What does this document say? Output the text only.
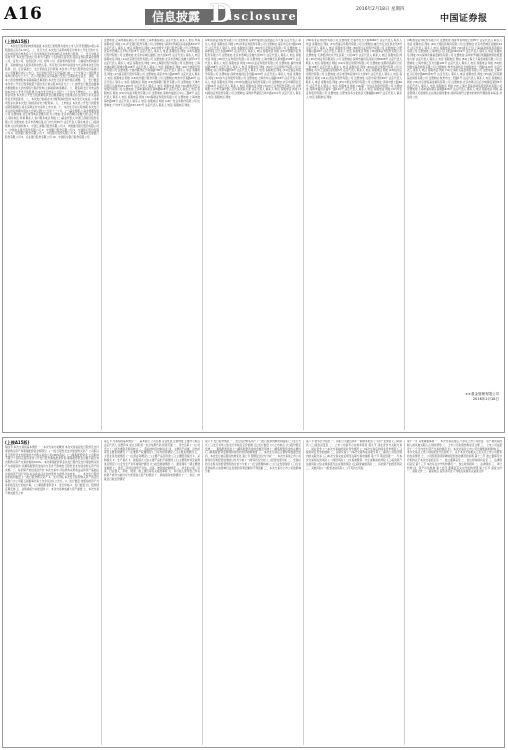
A16	信息披露 D
isclosure
2016年2月18日 星期四
中国证券报

(上接A15版)

一、本次发行股票的种类和面值 本次发行的股票为境内上市人民币普通股(A股),每股面值人民币1.00元。二、发行方式 本次发行采用向特定对象非公开发行的方式,在中国证监会核准后六个月内选择适当时机向特定对象发行股票。三、发行对象及认购方式 本次发行的发行对象为不超过十名的特定投资者,包括证券投资基金管理公司、证券公司、信托投资公司、财务公司、保险机构投资者、合格境外机构投资者、其他境内法人投资者和自然人等。所有发行对象均以现金方式认购本次发行的股票。四、定价基准日、发行价格及定价原则 本次非公开发行股票的定价基准日为公司董事会决议公告日。发行价格不低于定价基准日前二十个交易日公司股票交易均价的百分之九十。若公司股票在定价基准日至发行日期间发生派息、送股、资本公积金转增股本等除权除息事项的,本次发行底价将作相应调整。五、发行数量 本次非公开发行股票数量不超过发行前总股本的百分之二十,最终发行数量由董事会根据股东大会的授权与保荐机构(主承销商)协商确定。六、限售期 发行对象认购的本次非公开发行的股票,自本次发行结束之日起十二个月内不得转让。七、募集资金用途 本次非公开发行股票募集资金总额扣除发行费用后将全部用于补充流动资金及项目建设。八、本次发行前滚存未分配利润的安排 本次发行完成后,公司新老股东共享本次发行前的滚存未分配利润。九、上市地点 本次非公开发行的股票在限售期满后,将在深圳证券交易所上市交易。十、本次发行决议有效期 本次发行决议的有效期为股东大会审议通过之日起十二个月。(一)基金管理人:基金管理有限公司 注册地址:北京市西城区金融大街 办公地址:北京市西城区金融大街 法定代表人 联系电话 传真 联系人 客户服务电话 网址 (二)基金托管人:中国工商银行股份有限公司 注册地址:北京市西城区复兴门内大街55号 法定代表人 联系电话 (三)直销机构 (四)代销机构 1、中国工商银行股份有限公司 2、中国建设银行股份有限公司 3、中国农业银行股份有限公司 4、中国银行股份有限公司 5、交通银行股份有限公司 6、招商银行股份有限公司 7、中信银行股份有限公司 8、上海浦东发展银行股份有限公司 9、兴业银行股份有限公司 10、中国民生银行股份有限公司

注册地址:上海市浦东新区 办公地址:上海市浦东新区 法定代表人 联系人 电话 传真 客服电话 网址 (11)平安银行股份有限公司 注册地址:深圳市罗湖区深南东路5047号 法定代表人 联系人 电话 客服电话 网址 (12)中国光大银行股份有限公司 注册地址:北京市西城区太平桥大街25号 法定代表人 联系人 电话 客服电话 网址 (13)华夏银行股份有限公司 注册地址:北京市东城区建国门内大街22号 法定代表人 联系人 电话 客服电话 网址 (14)北京银行股份有限公司 注册地址:北京市西城区金融大街甲17号 法定代表人 联系人 电话 客服电话 网址 (15)上海银行股份有限公司 注册地址:上海市浦东新区银城中路168号 法定代表人 联系人 电话 客服电话 网址 (16)宁波银行股份有限公司 注册地址:宁波市鄞州区宁南南路700号 法定代表人 联系人 电话 客服电话 网址 (17)南京银行股份有限公司 注册地址:南京市中山路288号 法定代表人 联系人 电话 客服电话 网址 (18)杭州银行股份有限公司 注册地址:杭州市庆春路46号 法定代表人 联系人 电话 客服电话 网址 (19)渤海银行股份有限公司 注册地址:天津市河西区马场道201-205号 法定代表人 联系人 电话 客服电话 网址 (20)国泰君安证券股份有限公司 注册地址:上海市浦东新区商城路618号 法定代表人 联系人 电话 客服电话 网址 (21)中信证券股份有限公司 注册地址:深圳市福田区中心三路8号 法定代表人 联系人 电话 客服电话 网址 (22)海通证券股份有限公司 注册地址:上海市淮海中路98号 法定代表人 联系人 电话 客服电话 网址 (23)广发证券股份有限公司 注册地址:广州市天河北路183-187号 法定代表人 联系人 电话 客服电话 网址

(24)招商证券股份有限公司 注册地址:深圳市福田区益田路江苏大厦 法定代表人 联系人 电话 客服电话 网址 (25)华泰证券股份有限公司 注册地址:南京市江东中路228号 法定代表人 联系人 电话 客服电话 网址 (26)申万宏源证券有限公司 注册地址:上海市徐汇区长乐路989号 法定代表人 联系人 电话 客服电话 网址 (27)中国银河证券股份有限公司 注册地址:北京市西城区金融大街35号 法定代表人 联系人 电话 客服电话 网址 (28)光大证券股份有限公司 注册地址:上海市静安区新闸路1508号 法定代表人 联系人 电话 客服电话 网址 (29)兴业证券股份有限公司 注册地址:福州市湖东路268号 法定代表人 联系人 电话 客服电话 网址 (30)长江证券股份有限公司 注册地址:武汉市新华路特8号 法定代表人 联系人 电话 客服电话 网址 (31)安信证券股份有限公司 注册地址:深圳市福田区金田路4018号 法定代表人 联系人 电话 客服电话 网址 (32)东方证券股份有限公司 注册地址:上海市中山南路318号 法定代表人 联系人 电话 客服电话 网址 (33)中信建投证券股份有限公司 注册地址:北京市朝阳区安立路66号 法定代表人 联系人 电话 客服电话 网址 (34)方正证券股份有限公司 注册地址:长沙市芙蓉中路二段华侨国际大厦 法定代表人 联系人 电话 客服电话 网址 (35)国信证券股份有限公司 注册地址:深圳市罗湖区红岭中路1012号 法定代表人 联系人 电话 客服电话 网址

(36)东北证券股份有限公司 注册地址:长春市生态大街6666号 法定代表人 联系人 电话 客服电话 网址 (37)西南证券股份有限公司 注册地址:重庆市江北区桥北苑8号 法定代表人 联系人 电话 客服电话 网址 (38)国元证券股份有限公司 注册地址:合肥市梅山路18号 法定代表人 联系人 电话 客服电话 网址 (39)渤海证券股份有限公司 注册地址:天津经济技术开发区第二大街42号 法定代表人 联系人 电话 客服电话 网址 (40)长城证券有限责任公司 注册地址:深圳市福田区深南大道6008号 法定代表人 联系人 电话 客服电话 网址 (41)华西证券股份有限公司 注册地址:成都市高新区天府二街198号 法定代表人 联系人 电话 客服电话 网址 (42)东吴证券股份有限公司 注册地址:苏州工业园区星阳街5号 法定代表人 联系人 电话 客服电话 网址 (43)信达证券股份有限公司 注册地址:北京市西城区闹市口大街9号 法定代表人 联系人 电话 客服电话 网址 (44)山西证券股份有限公司 注册地址:太原市府西街69号 法定代表人 联系人 电话 客服电话 网址 (45)中泰证券股份有限公司 注册地址:济南市经七路86号 法定代表人 联系人 电话 客服电话 网址 (46)第一创业证券股份有限公司 注册地址:深圳市福田区福华一路115号 法定代表人 联系人 电话 客服电话 网址 (47)华安证券股份有限公司 注册地址:合肥市政务文化新区天鹅湖路198号 法定代表人 联系人 电话 客服电话 网址

(48)国金证券股份有限公司 注册地址:成都市东城根上街95号 法定代表人 联系人 电话 客服电话 网址 (49)天相投资顾问有限公司 注册地址:北京市西城区金融街19号 法定代表人 联系人 电话 客服电话 网址 (50)诺亚正行(上海)基金销售投资顾问有限公司 注册地址:上海市虹口区飞虹路360弄9号 法定代表人 联系人 电话 客服电话 网址 (51)深圳众禄基金销售有限公司 注册地址:深圳市罗湖区梨园路物资控股置地大厦 法定代表人 联系人 电话 客服电话 网址 (52)上海天天基金销售有限公司 注册地址:上海市徐汇区龙田路190号 法定代表人 联系人 电话 客服电话 网址 (53)杭州数米基金销售有限公司 注册地址:杭州市余杭区仓前街道文一西路1218号 法定代表人 联系人 电话 客服电话 网址 (54)上海好买基金销售有限公司 注册地址:上海市虹口区场中路685弄37号 法定代表人 联系人 电话 客服电话 网址 (55)浙江同花顺基金销售有限公司 注册地址:杭州市文二西路1号 法定代表人 联系人 电话 客服电话 网址 (56)北京展恒基金销售有限公司 注册地址:北京市顺义区后沙峪镇安富街6号 法定代表人 联系人 电话 客服电话 网址 (57)上海长量基金销售投资顾问有限公司 注册地址:上海市浦东新区高翔路526号 法定代表人 联系人 电话 客服电话 网址 基金管理人可根据有关法律法规的要求,选择其他符合要求的机构代理销售本基金,并及时公告。

××基金管理有限公司
2016年2月18日

(上接A15版)

第四节 本次交易的基本情况 一、本次交易方案概述 本次交易包括发行股份及支付现金购买资产和募集配套资金两部分。(一)发行股份及支付现金购买资产 公司拟以发行股份及支付现金的方式购买标的公司100%股权。(二)募集配套资金 公司拟向不超过十名特定投资者非公开发行股份募集配套资金,募集配套资金总额不超过本次拟购买资产交易价格的100%。本次募集配套资金以发行股份及支付现金购买资产为前提条件,但募集配套资金成功与否并不影响发行股份及支付现金购买资产的实施。二、标的资产的估值及作价 本次交易中,评估机构采用收益法和资产基础法对标的资产进行评估,并以收益法评估结果作为最终评估结论。三、本次发行股份的价格和数量 (一)发行股份购买资产 1、发行价格 本次发行股份购买资产的定价基准日为公司第五届董事会第十次会议决议公告日。2、发行数量 按照标的资产交易价格及发行价格计算。(二)募集配套资金 1、发行价格 2、发行数量 四、股份锁定期安排 五、业绩承诺与补偿安排 六、本次交易构成重大资产重组 七、本次交易不构成借壳上市

第五节 交易标的基本情况 一、基本信息 公司名称 企业性质 注册地址 主要办公地点 法定代表人 注册资本 成立日期 统一社会信用代码 经营范围 二、历史沿革 (一)公司设立 (二)历次增资及股权转让 三、股权结构及控制关系 四、主要资产权属、对外担保及主要负债情况 (一)主要资产权属情况 (二)对外担保情况 (三)主要负债情况 五、主营业务发展情况 (一)主营业务概况 (二)主要产品及用途 (三)主要经营模式 1、采购模式 2、生产模式 3、销售模式 (四)主要产品的产销情况 (五)主要原材料及能源供应情况 (六)安全生产及环境保护情况 (七)质量控制情况 六、最近两年一期主要财务数据 七、最近三年进行的资产评估、交易、增资或改制情况 八、涉及的立项、环保、行业准入、用地、规划、施工建设等有关报批事项 九、许可他人使用自己所有的资产或作为被许可方使用他人资产的情况 十、债权债务转移情况 十一、诉讼、仲裁及行政处罚情况

第六节 发行股份情况 一、发行股份购买资产 (一)发行股票的种类和面值 (二)发行方式 (三)发行对象 (四)发行价格及定价依据 (五)发行数量 (六)上市地点 (七)股份锁定安排 二、募集配套资金 (一)募集配套资金的金额及用途 (二)募集配套资金的必要性 (三)募集配套资金管理和使用的内部控制制度 三、本次发行前后主要财务数据比较 四、本次发行前后股权结构变化 第七节 管理层讨论与分析 一、本次交易前上市公司财务状况和经营成果的讨论与分析 (一)财务状况分析 (二)经营成果分析 二、交易标的行业特点和经营情况的讨论与分析 (一)行业管理体制 (二)行业发展现状 (三)行业竞争格局 (四)影响行业发展的有利因素和不利因素 三、本次交易对上市公司的影响分析

第八节 财务会计信息 一、标的公司最近两年一期财务报表 (一)资产负债表 (二)利润表 (三)现金流量表 二、上市公司备考合并财务报表 第九节 同业竞争与关联交易 一、同业竞争 (一)本次交易前的同业竞争情况 (二)本次交易后的同业竞争情况 (三)避免同业竞争的措施 二、关联交易 (一)本次交易构成关联交易 (二)标的公司报告期内的关联交易 (三)本次交易完成后规范关联交易的措施 第十节 风险因素 一、与本次交易相关的风险 (一)审批风险 (二)交易被暂停、中止或取消的风险 (三)标的资产估值风险 (四)业绩承诺无法实现的风险 (五)商誉减值风险 二、标的资产的经营风险 三、其他风险 (一)股价波动风险 (二)不可抗力风险

第十一节 其他重要事项 一、本次交易完成后,不存在上市公司资金、资产被实际控制人或其他关联人占用的情形 二、上市公司负债结构是否合理 三、上市公司在最近十二个月内发生资产交易的情况 四、本次交易对上市公司治理机制的影响 五、本次交易后上市公司的现金分红政策 六、关于本次交易相关人员买卖上市公司股票的自查情况 七、公司股票连续停牌前股价波动情况的说明 第十二节 独立董事及中介机构关于本次交易的意见 一、独立董事意见 二、独立财务顾问意见 三、法律顾问意见 第十三节 本次有关中介机构情况 一、独立财务顾问 二、法律顾问 三、审计机构 四、资产评估机构 第十四节 董事及有关中介机构声明 第十五节 备查文件 一、备查文件 二、备查地点 投资者可在下列地点查阅有关备查文件
